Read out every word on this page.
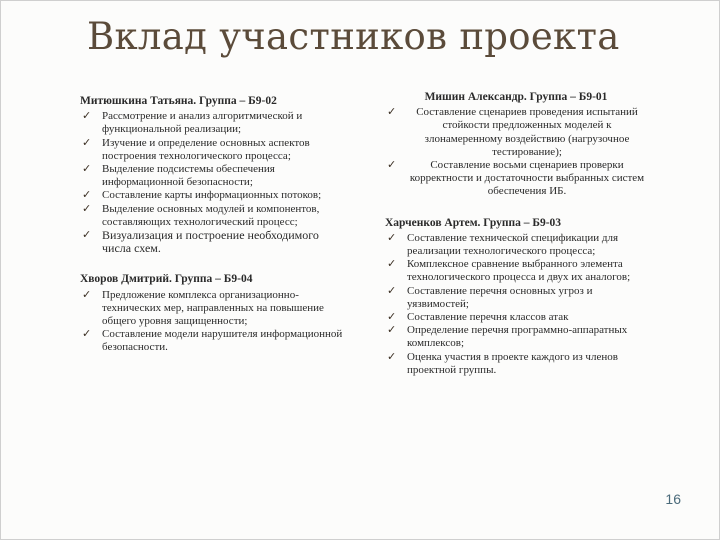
Вклад участников проекта
Митюшкина Татьяна. Группа – Б9-02
✓ Рассмотрение и анализ алгоритмической и функциональной реализации;
✓ Изучение и определение основных аспектов построения технологического процесса;
✓ Выделение подсистемы обеспечения информационной безопасности;
✓ Составление карты информационных потоков;
✓ Выделение основных модулей и компонентов, составляющих технологический процесс;
✓ Визуализация и построение необходимого числа схем.
Хворов Дмитрий. Группа – Б9-04
✓ Предложение комплекса организационно-технических мер, направленных на повышение общего уровня защищенности;
✓ Составление модели нарушителя информационной безопасности.
Мишин Александр. Группа – Б9-01
✓ Составление сценариев проведения испытаний стойкости предложенных моделей к злонамеренному воздействию (нагрузочное тестирование);
✓	Составление восьми сценариев проверки корректности и достаточности выбранных систем обеспечения ИБ.
Харченков Артем. Группа – Б9-03
✓ Составление технической спецификации для реализации технологического процесса;
✓ Комплексное сравнение выбранного элемента технологического процесса и двух их аналогов;
✓ Составление перечня основных угроз и уязвимостей;
✓ Составление перечня классов атак
✓ Определение перечня программно-аппаратных комплексов;
✓ Оценка участия в проекте каждого из членов проектной группы.
16
